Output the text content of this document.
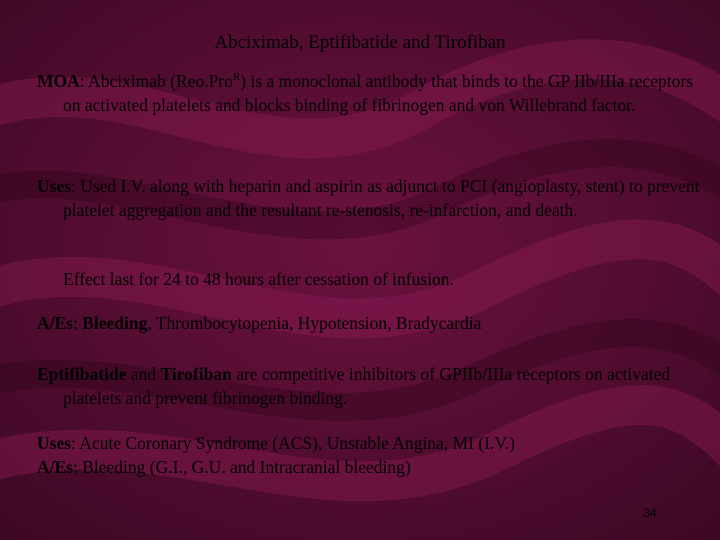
Abciximab, Eptifibatide and Tirofiban
MOA: Abciximab (Reo.Pro$^R$) is a monoclonal antibody that binds to the GP IIb/IIIa receptors on activated platelets and blocks binding of fibrinogen and von Willebrand factor.
Uses: Used I.V. along with heparin and aspirin as adjunct to PCI (angioplasty, stent) to prevent platelet aggregation and the resultant re-stenosis, re-infarction, and death.
Effect last for 24 to 48 hours after cessation of infusion.
A/Es: Bleeding, Thrombocytopenia, Hypotension, Bradycardia
Eptifibatide and Tirofiban are competitive inhibitors of GPIIb/IIIa receptors on activated platelets and prevent fibrinogen binding.
Uses: Acute Coronary Syndrome (ACS), Unstable Angina, MI (I.V.)
A/Es: Bleeding (G.I., G.U. and Intracranial bleeding)
34
